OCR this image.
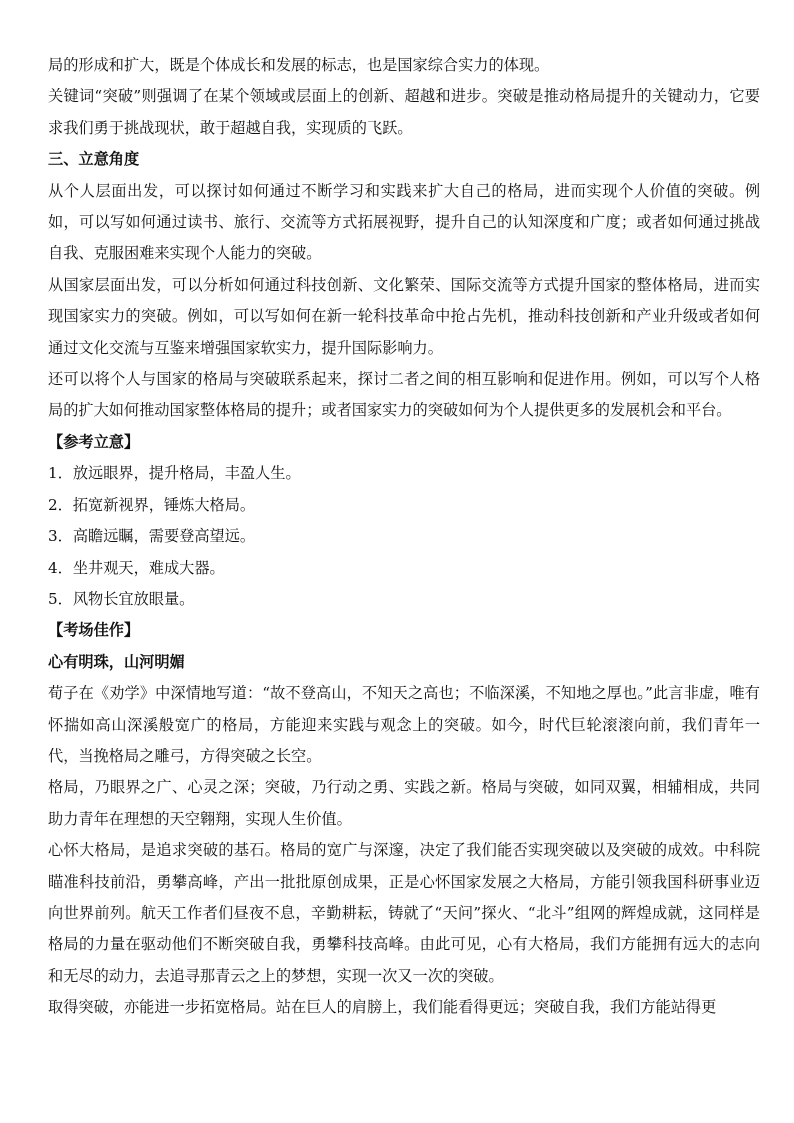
局的形成和扩大，既是个体成长和发展的标志，也是国家综合实力的体现。

关键词“突破”则强调了在某个领域或层面上的创新、超越和进步。突破是推动格局提升的关键动力，它要求我们勇于挑战现状，敢于超越自我，实现质的飞跃。

三、立意角度

从个人层面出发，可以探讨如何通过不断学习和实践来扩大自己的格局，进而实现个人价值的突破。例如，可以写如何通过读书、旅行、交流等方式拓展视野，提升自己的认知深度和广度；或者如何通过挑战自我、克服困难来实现个人能力的突破。

从国家层面出发，可以分析如何通过科技创新、文化繁荣、国际交流等方式提升国家的整体格局，进而实现国家实力的突破。例如，可以写如何在新一轮科技革命中抢占先机，推动科技创新和产业升级或者如何通过文化交流与互鉴来增强国家软实力，提升国际影响力。

还可以将个人与国家的格局与突破联系起来，探讨二者之间的相互影响和促进作用。例如，可以写个人格局的扩大如何推动国家整体格局的提升；或者国家实力的突破如何为个人提供更多的发展机会和平台。

【参考立意】

1．放远眼界，提升格局，丰盈人生。

2．拓宽新视界，锤炼大格局。

3．高瞻远瞩，需要登高望远。

4．坐井观天，难成大器。

5．风物长宜放眼量。

【考场佳作】

心有明珠，山河明媚

荀子在《劝学》中深情地写道：“故不登高山，不知天之高也；不临深溪，不知地之厚也。”此言非虚，唯有怀揣如高山深溪般宽广的格局，方能迎来实践与观念上的突破。如今，时代巨轮滚滚向前，我们青年一代，当挽格局之雕弓，方得突破之长空。

格局，乃眼界之广、心灵之深；突破，乃行动之勇、实践之新。格局与突破，如同双翼，相辅相成，共同助力青年在理想的天空翱翔，实现人生价值。

心怀大格局，是追求突破的基石。格局的宽广与深邃，决定了我们能否实现突破以及突破的成效。中科院瞄准科技前沿，勇攀高峰，产出一批批原创成果，正是心怀国家发展之大格局，方能引领我国科研事业迈向世界前列。航天工作者们昼夜不息，辛勤耕耘，铸就了“天问”探火、“北斗”组网的辉煌成就，这同样是格局的力量在驱动他们不断突破自我，勇攀科技高峰。由此可见，心有大格局，我们方能拥有远大的志向和无尽的动力，去追寻那青云之上的梦想，实现一次又一次的突破。

取得突破，亦能进一步拓宽格局。站在巨人的肩膀上，我们能看得更远；突破自我，我们方能站得更
